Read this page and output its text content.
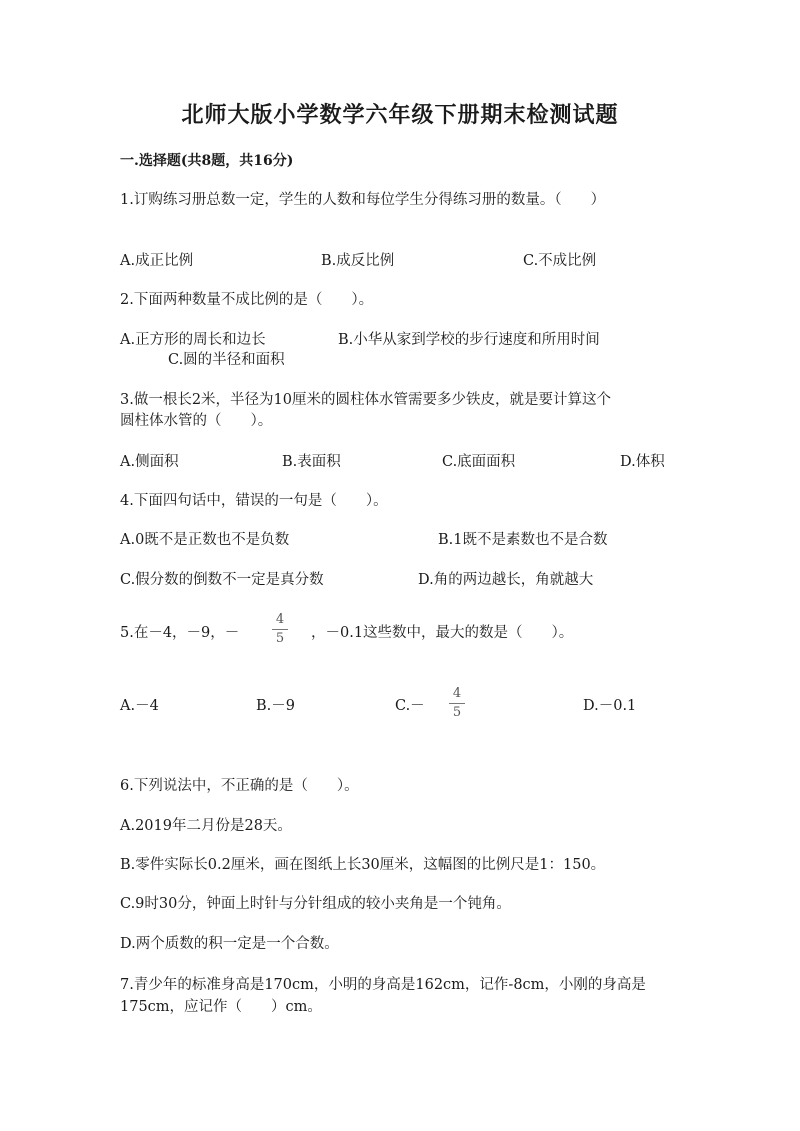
北师大版小学数学六年级下册期末检测试题
一.选择题(共8题，共16分)
1.订购练习册总数一定，学生的人数和每位学生分得练习册的数量。（　　）
A.成正比例	B.成反比例	C.不成比例
2.下面两种数量不成比例的是（　　）。
A.正方形的周长和边长	B.小华从家到学校的步行速度和所用时间
C.圆的半径和面积
3.做一根长2米，半径为10厘米的圆柱体水管需要多少铁皮，就是要计算这个
圆柱体水管的（　　）。
A.侧面积	B.表面积	C.底面面积	D.体积
4.下面四句话中，错误的一句是（　　）。
A.0既不是正数也不是负数	B.1既不是素数也不是合数
C.假分数的倒数不一定是真分数	D.角的两边越长，角就越大
5.在－4，－9，－
4
5 ，－0.1这些数中，最大的数是（　　）。
A.－4	B.－9	C.－
4
5	D.－0.1
6.下列说法中，不正确的是（　　）。
A.2019年二月份是28天。
B.零件实际长0.2厘米，画在图纸上长30厘米，这幅图的比例尺是1：150。
C.9时30分，钟面上时针与分针组成的较小夹角是一个钝角。
D.两个质数的积一定是一个合数。
7.青少年的标准身高是170cm，小明的身高是162cm，记作-8cm，小刚的身高是
175cm，应记作（　　）cm。
